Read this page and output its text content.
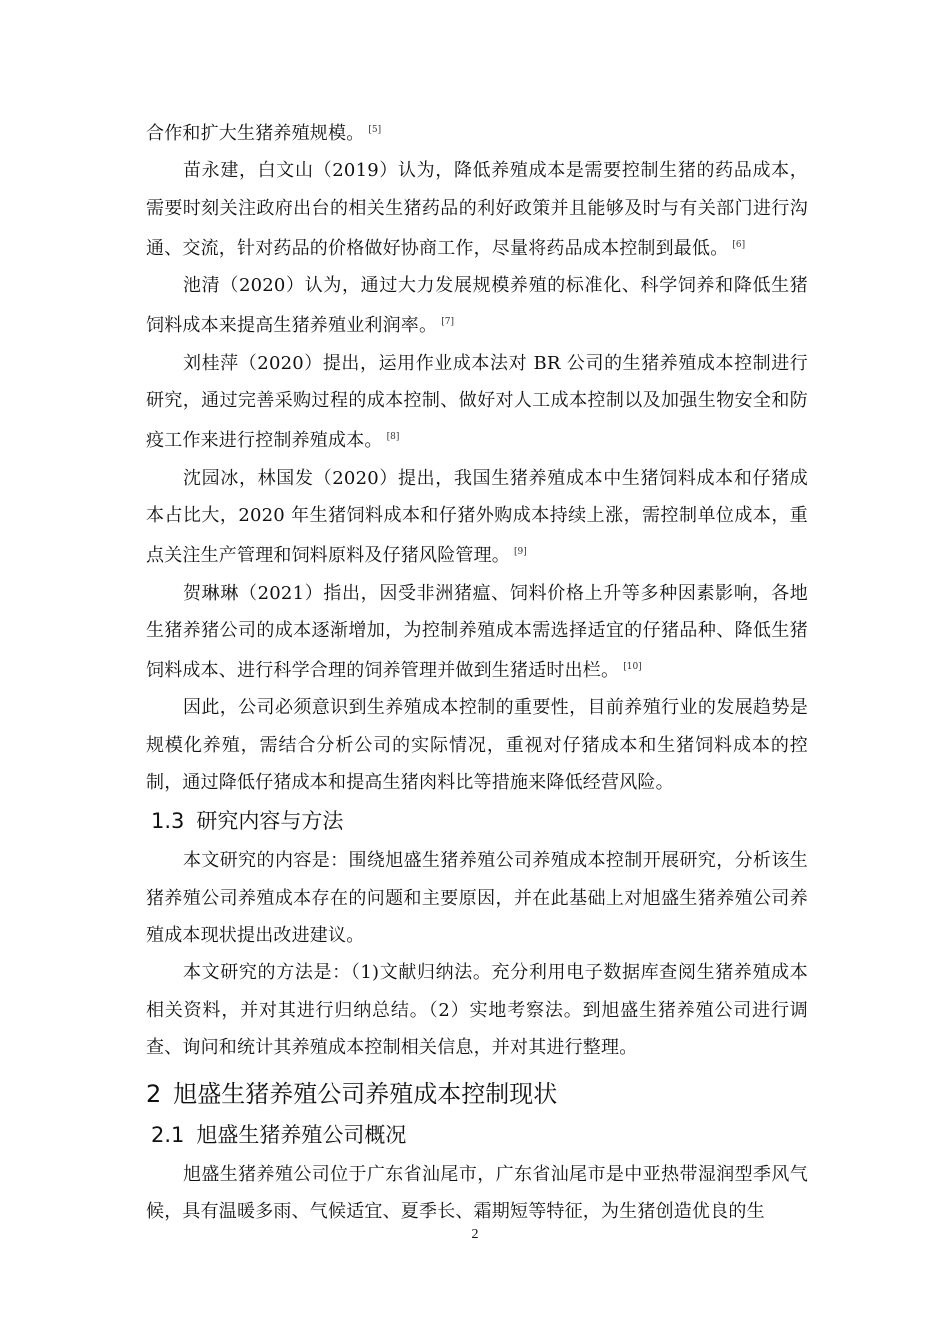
合作和扩大生猪养殖规模。 [5]

苗永建，白文山（2019）认为，降低养殖成本是需要控制生猪的药品成本，需要时刻关注政府出台的相关生猪药品的利好政策并且能够及时与有关部门进行沟通、交流，针对药品的价格做好协商工作，尽量将药品成本控制到最低。 [6]

池清（2020）认为，通过大力发展规模养殖的标准化、科学饲养和降低生猪饲料成本来提高生猪养殖业利润率。 [7]

刘桂萍（2020）提出，运用作业成本法对 BR 公司的生猪养殖成本控制进行研究，通过完善采购过程的成本控制、做好对人工成本控制以及加强生物安全和防疫工作来进行控制养殖成本。 [8]

沈园冰，林国发（2020）提出，我国生猪养殖成本中生猪饲料成本和仔猪成本占比大，2020 年生猪饲料成本和仔猪外购成本持续上涨，需控制单位成本，重点关注生产管理和饲料原料及仔猪风险管理。 [9]

贺琳琳（2021）指出，因受非洲猪瘟、饲料价格上升等多种因素影响，各地生猪养猪公司的成本逐渐增加，为控制养殖成本需选择适宜的仔猪品种、降低生猪饲料成本、进行科学合理的饲养管理并做到生猪适时出栏。 [10]

因此，公司必须意识到生养殖成本控制的重要性，目前养殖行业的发展趋势是规模化养殖，需结合分析公司的实际情况，重视对仔猪成本和生猪饲料成本的控制，通过降低仔猪成本和提高生猪肉料比等措施来降低经营风险。

1.3 研究内容与方法

本文研究的内容是：围绕旭盛生猪养殖公司养殖成本控制开展研究，分析该生猪养殖公司养殖成本存在的问题和主要原因，并在此基础上对旭盛生猪养殖公司养殖成本现状提出改进建议。

本文研究的方法是：（1)文献归纳法。充分利用电子数据库查阅生猪养殖成本相关资料，并对其进行归纳总结。（2）实地考察法。到旭盛生猪养殖公司进行调查、询问和统计其养殖成本控制相关信息，并对其进行整理。

2 旭盛生猪养殖公司养殖成本控制现状
2.1 旭盛生猪养殖公司概况

旭盛生猪养殖公司位于广东省汕尾市，广东省汕尾市是中亚热带湿润型季风气候，具有温暖多雨、气候适宜、夏季长、霜期短等特征，为生猪创造优良的生

2
